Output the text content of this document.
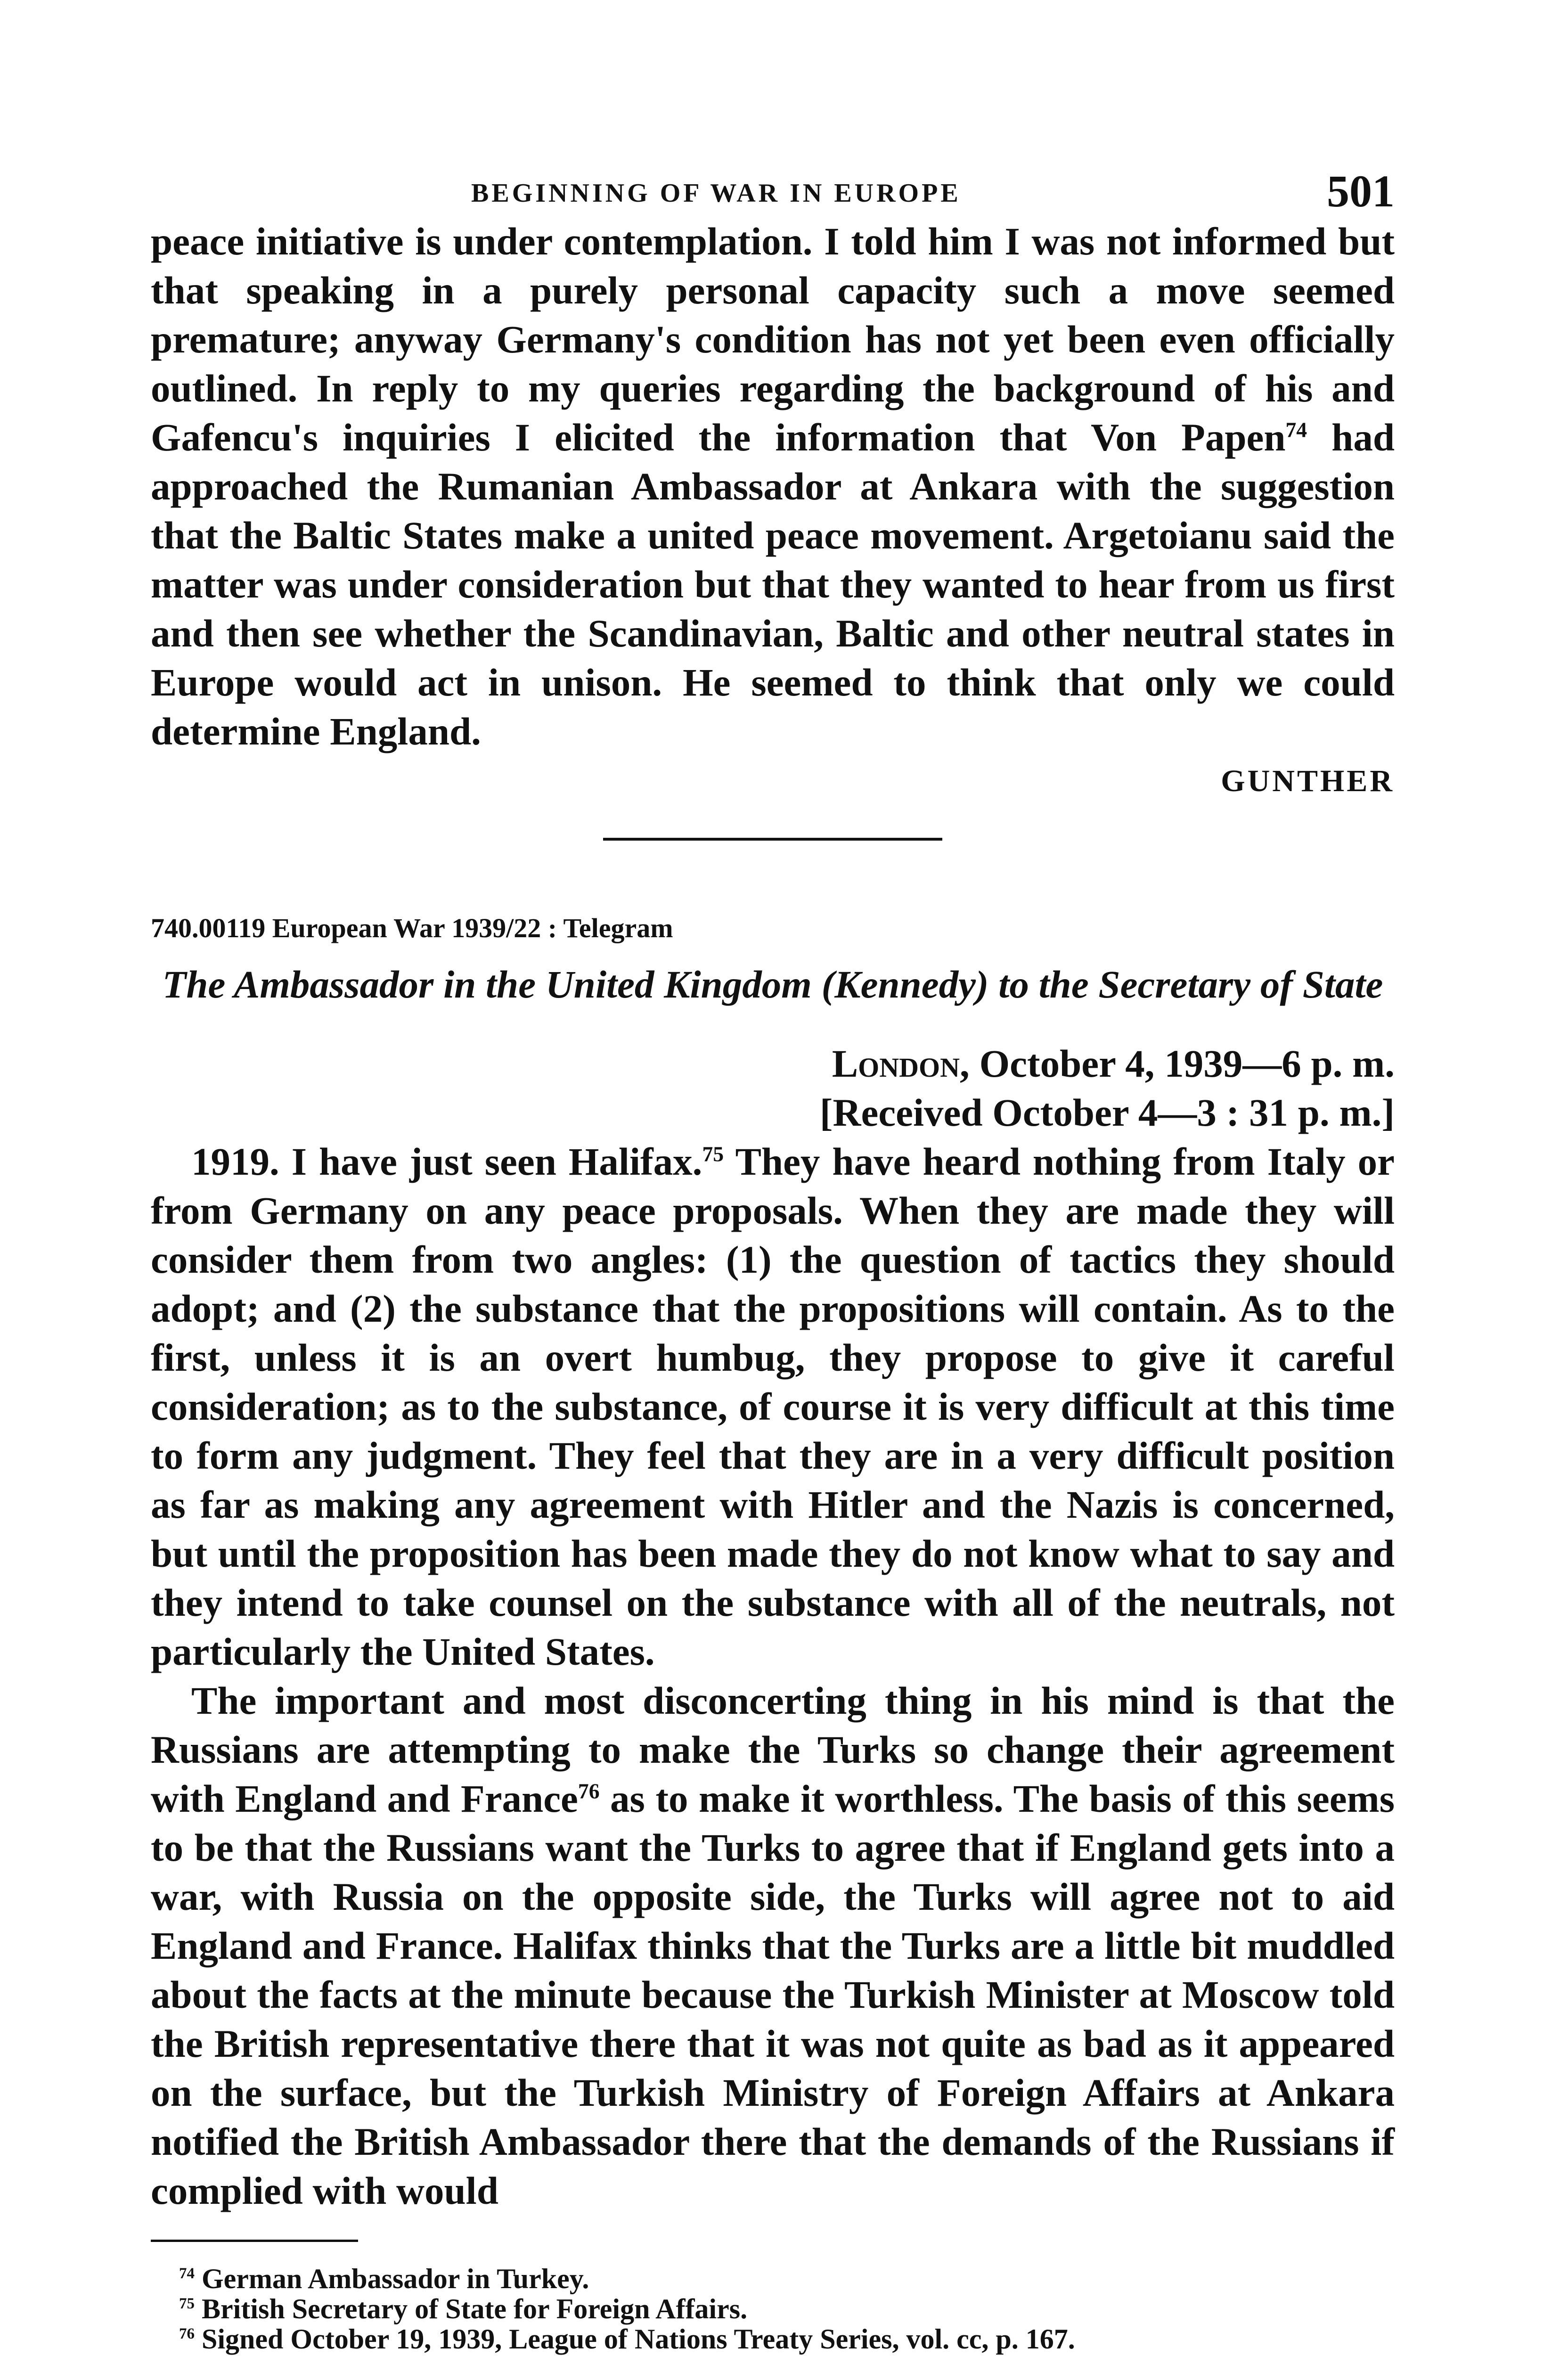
BEGINNING OF WAR IN EUROPE	501

peace initiative is under contemplation. I told him I was not informed but that speaking in a purely personal capacity such a move seemed premature; anyway Germany's condition has not yet been even officially outlined. In reply to my queries regarding the background of his and Gafencu's inquiries I elicited the information that Von Papen$^{74}$ had approached the Rumanian Ambassador at Ankara with the suggestion that the Baltic States make a united peace movement. Argetoianu said the matter was under consideration but that they wanted to hear from us first and then see whether the Scandinavian, Baltic and other neutral states in Europe would act in unison. He seemed to think that only we could determine England.

GUNTHER
740.00119 European War 1939/22 : Telegram
The Ambassador in the United Kingdom (Kennedy) to the Secretary of State
London, October 4, 1939—6 p. m.
[Received October 4—3 : 31 p. m.]

1919. I have just seen Halifax.$^{75}$ They have heard nothing from Italy or from Germany on any peace proposals. When they are made they will consider them from two angles: (1) the question of tactics they should adopt; and (2) the substance that the propositions will contain. As to the first, unless it is an overt humbug, they propose to give it careful consideration; as to the substance, of course it is very difficult at this time to form any judgment. They feel that they are in a very difficult position as far as making any agreement with Hitler and the Nazis is concerned, but until the proposition has been made they do not know what to say and they intend to take counsel on the substance with all of the neutrals, not particularly the United States.

The important and most disconcerting thing in his mind is that the Russians are attempting to make the Turks so change their agreement with England and France$^{76}$ as to make it worthless. The basis of this seems to be that the Russians want the Turks to agree that if England gets into a war, with Russia on the opposite side, the Turks will agree not to aid England and France. Halifax thinks that the Turks are a little bit muddled about the facts at the minute because the Turkish Minister at Moscow told the British representative there that it was not quite as bad as it appeared on the surface, but the Turkish Ministry of Foreign Affairs at Ankara notified the British Ambassador there that the demands of the Russians if complied with would

$^{74}$ German Ambassador in Turkey.
$^{75}$ British Secretary of State for Foreign Affairs.
$^{76}$ Signed October 19, 1939, League of Nations Treaty Series, vol. cc, p. 167.
